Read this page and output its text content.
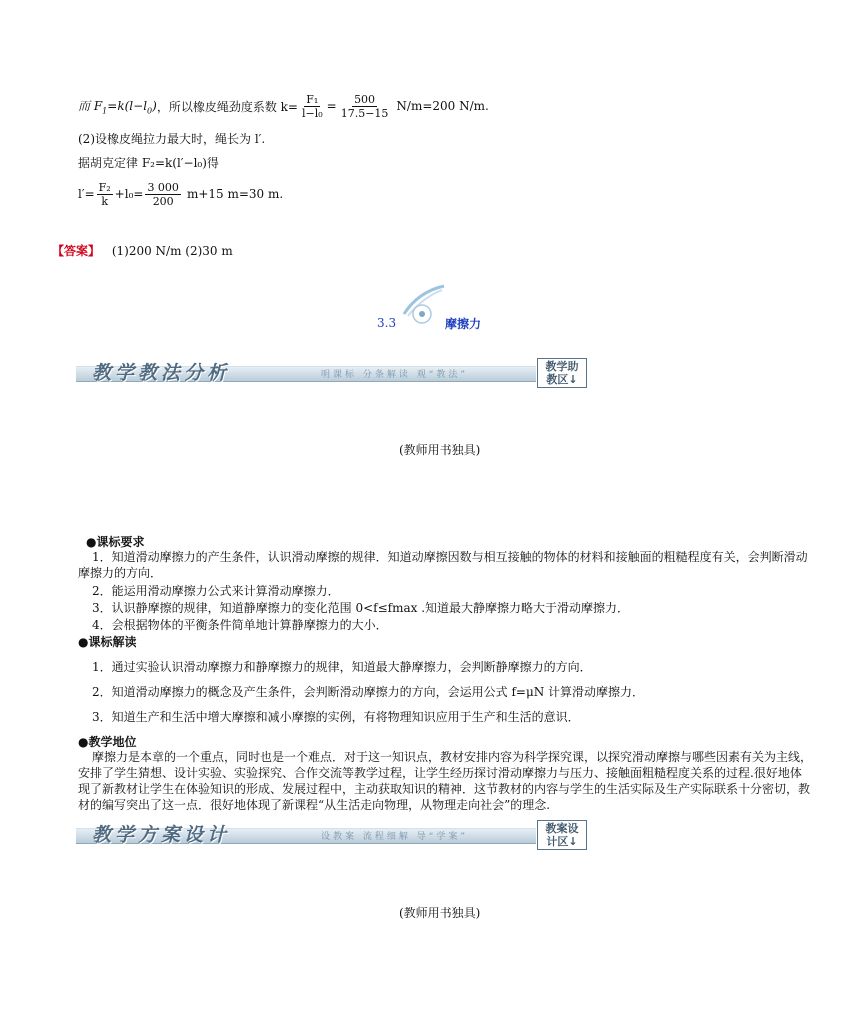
而 $F_1=k(l-l_0)$ ，所以橡皮绳劲度系数 $k= \frac{\text{F₁}}{\text{l−l₀}} = \frac{500}{17.5-15} N/m=200$ N/m.
(2)设橡皮绳拉力最大时，绳长为 l′.
据胡克定律 F₂=k(l′−l₀)得
$l'= \frac{\text{F₂}}{k} +l_0= \frac{3 000}{200} m+15$ m=30 m.
【答案】 (1)200 N/m (2)30 m
3.3	摩擦力
教学教法分析	明课标 分条解读 观“教法”
教学助
教区↓
(教师用书独具)
●课标要求
1．知道滑动摩擦力的产生条件，认识滑动摩擦的规律．知道动摩擦因数与相互接触的物体的材料和接触面的粗糙程度有关，会判断滑动摩擦力的方向．
2．能运用滑动摩擦力公式来计算滑动摩擦力．
3．认识静摩擦的规律，知道静摩擦力的变化范围 0<f≤fmax .知道最大静摩擦力略大于滑动摩擦力．
4．会根据物体的平衡条件简单地计算静摩擦力的大小．
●课标解读
1．通过实验认识滑动摩擦力和静摩擦力的规律，知道最大静摩擦力，会判断静摩擦力的方向．
2．知道滑动摩擦力的概念及产生条件，会判断滑动摩擦力的方向，会运用公式 f=μN 计算滑动摩擦力．
3．知道生产和生活中增大摩擦和减小摩擦的实例，有将物理知识应用于生产和生活的意识．
●教学地位
摩擦力是本章的一个重点，同时也是一个难点．对于这一知识点，教材安排内容为科学探究课，以探究滑动摩擦与哪些因素有关为主线，安排了学生猜想、设计实验、实验探究、合作交流等教学过程，让学生经历探讨滑动摩擦力与压力、接触面粗糙程度关系的过程.很好地体现了新教材让学生在体验知识的形成、发展过程中，主动获取知识的精神．这节教材的内容与学生的生活实际及生产实际联系十分密切，教材的编写突出了这一点．很好地体现了新课程“从生活走向物理，从物理走向社会”的理念.
教学方案设计	设教案 流程细解 导“学案”
教案设
计区↓
(教师用书独具)
